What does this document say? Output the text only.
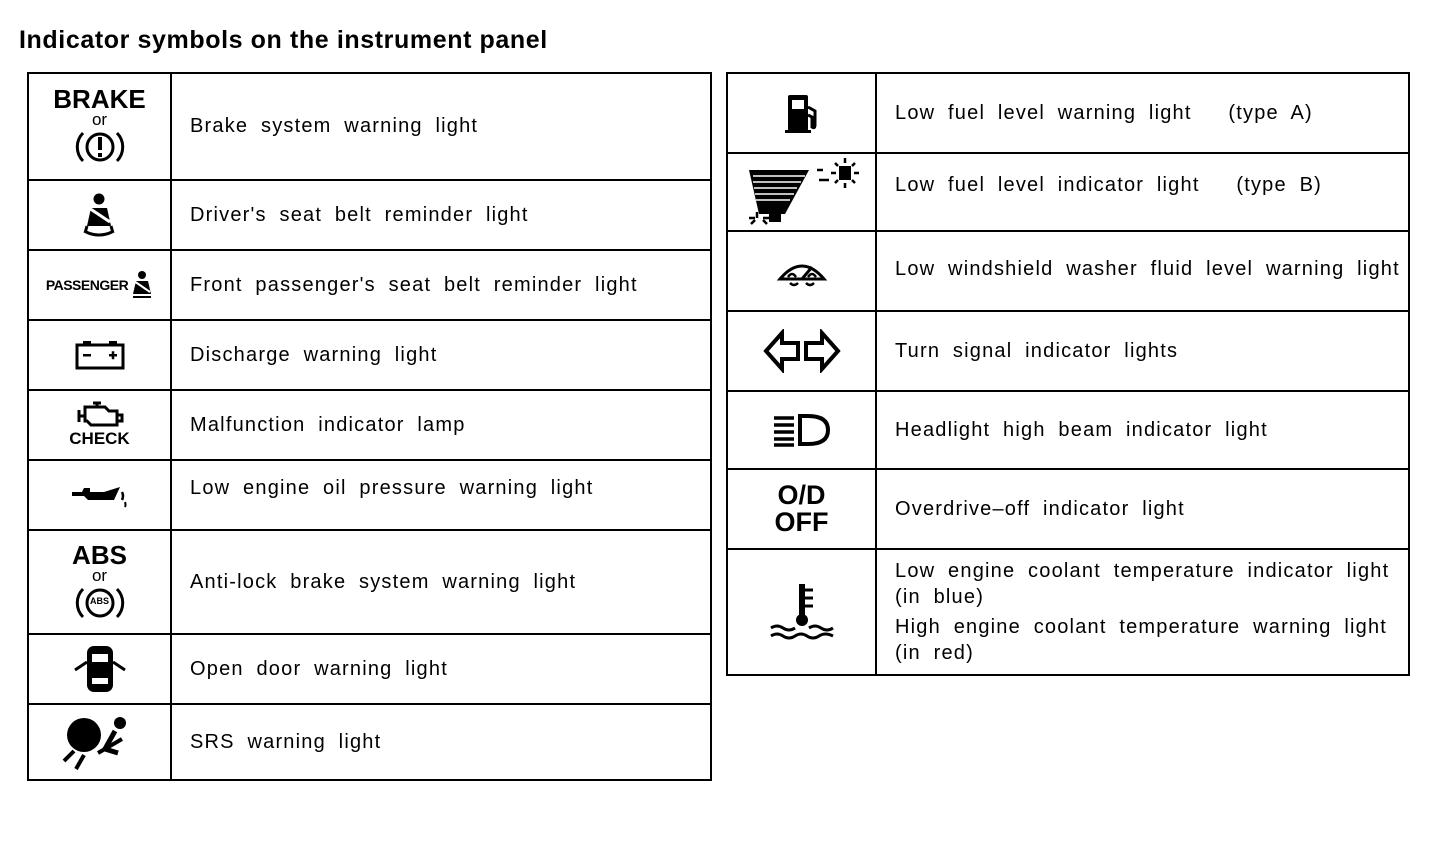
Indicator symbols on the instrument panel
BRAKE
or	Brake system warning light

	Driver's seat belt reminder light

PASSENGER	Front passenger's seat belt reminder light

	Discharge warning light

CHECK	Malfunction indicator lamp

	Low engine oil pressure warning light

ABS
or
ABS	Anti-lock brake system warning light

	Open door warning light

	SRS warning light
	Low fuel level warning light (type A)

	Low fuel level indicator light (type B)

	Low windshield washer fluid level warning light

	Turn signal indicator lights

	Headlight high beam indicator light

O/D
OFF	Overdrive–off indicator light

Low engine coolant temperature indicator light
(in blue)
High engine coolant temperature warning light
(in red)
